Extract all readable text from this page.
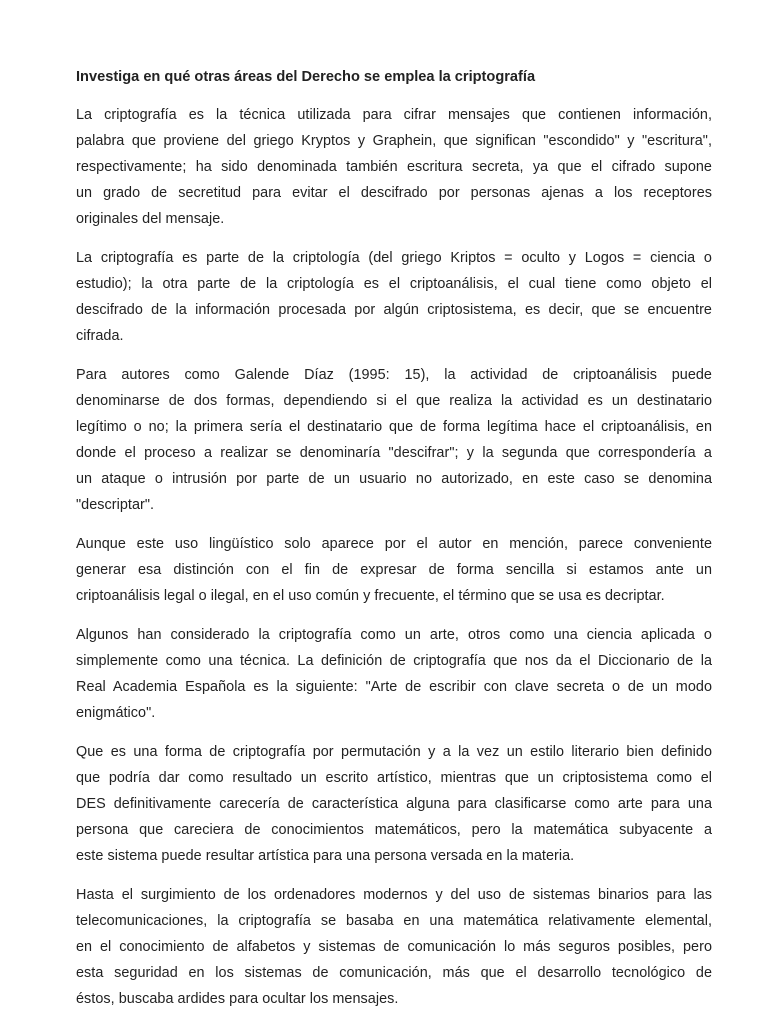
Investiga en qué otras áreas del Derecho se emplea la criptografía
La criptografía es la técnica utilizada para cifrar mensajes que contienen información,
palabra que proviene del griego Kryptos y Graphein, que significan "escondido" y "escritura",
respectivamente; ha sido denominada también escritura secreta, ya que el cifrado supone
un grado de secretitud para evitar el descifrado por personas ajenas a los receptores
originales del mensaje.
La criptografía es parte de la criptología (del griego Kriptos = oculto y Logos = ciencia o
estudio); la otra parte de la criptología es el criptoanálisis, el cual tiene como objeto el
descifrado de la información procesada por algún criptosistema, es decir, que se encuentre
cifrada.
Para autores como Galende Díaz (1995: 15), la actividad de criptoanálisis puede
denominarse de dos formas, dependiendo si el que realiza la actividad es un destinatario
legítimo o no; la primera sería el destinatario que de forma legítima hace el criptoanálisis, en
donde el proceso a realizar se denominaría "descifrar"; y la segunda que correspondería a
un ataque o intrusión por parte de un usuario no autorizado, en este caso se denomina
"descriptar".
Aunque este uso lingüístico solo aparece por el autor en mención, parece conveniente
generar esa distinción con el fin de expresar de forma sencilla si estamos ante un
criptoanálisis legal o ilegal, en el uso común y frecuente, el término que se usa es decriptar.
Algunos han considerado la criptografía como un arte, otros como una ciencia aplicada o
simplemente como una técnica. La definición de criptografía que nos da el Diccionario de la
Real Academia Española es la siguiente: "Arte de escribir con clave secreta o de un modo
enigmático".
Que es una forma de criptografía por permutación y a la vez un estilo literario bien definido
que podría dar como resultado un escrito artístico, mientras que un criptosistema como el
DES definitivamente carecería de característica alguna para clasificarse como arte para una
persona que careciera de conocimientos matemáticos, pero la matemática subyacente a
este sistema puede resultar artística para una persona versada en la materia.
Hasta el surgimiento de los ordenadores modernos y del uso de sistemas binarios para las
telecomunicaciones, la criptografía se basaba en una matemática relativamente elemental,
en el conocimiento de alfabetos y sistemas de comunicación lo más seguros posibles, pero
esta seguridad en los sistemas de comunicación, más que el desarrollo tecnológico de
éstos, buscaba ardides para ocultar los mensajes.
